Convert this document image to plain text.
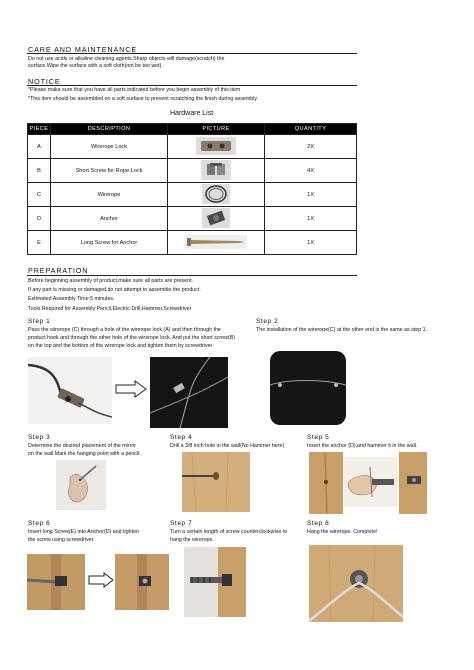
CARE AND MAINTENANCE
Do not use acids or alkaline cleaning agents.Sharp objects will damage(scratch) the
surface.Wipe the surface with a soft cloth(not be too wet).
NOTICE
*Please make sure that you have all parts indicated before you begin assembly of this item
*This item should be assembled on a soft surface to prevent scratching the finish during assembly
Hardware List
PIECE	DESCRIPTION	PICTURE	QUANTITY
A	Wirerope Lock		2X
B	Short Screw for Rope Lock		4X
C	Wirerope		1X
D	Anchor		1X
E	Long Screw for Anchor		1X
PREPARATION
Before beginning assembly of product,make sure all parts are present.
If any part is missing or damaged,do not attempt to assemble the product.
Estimated Assembly Time:5 minutes.
Tools Required for Assembly:Pencil,Electric Drill,Hammer,Screwdriver
Step 1
Pass the wirerope (C) through a hole of the wirerope lock (A) and then through the
product hook and through the other hole of the wirerope lock. And put the short screw(B)
on the top and the bottom of the wirerope lock and tighten them by screwdriver.
Step 2
The installation of the wirerope(C) at the other end is the same as step 1.
Step 3
Determine the desired placement of the mirror
on the wall.Mark the hanging point with a pencil.
Step 4
Drill a 3/8 inch hole in the wall(No Hammer here)
Step 5
Insert the anchor (D),and hammer it in the wall.
Step 6
Insert long Screw(E) into Anchor(D) and tighten
the screw using screwdriver.
Step 7
Turn a certain length of screw counterclockwise to
hang the wirerope.
Step 8
Hang the wirerope. Complete!
